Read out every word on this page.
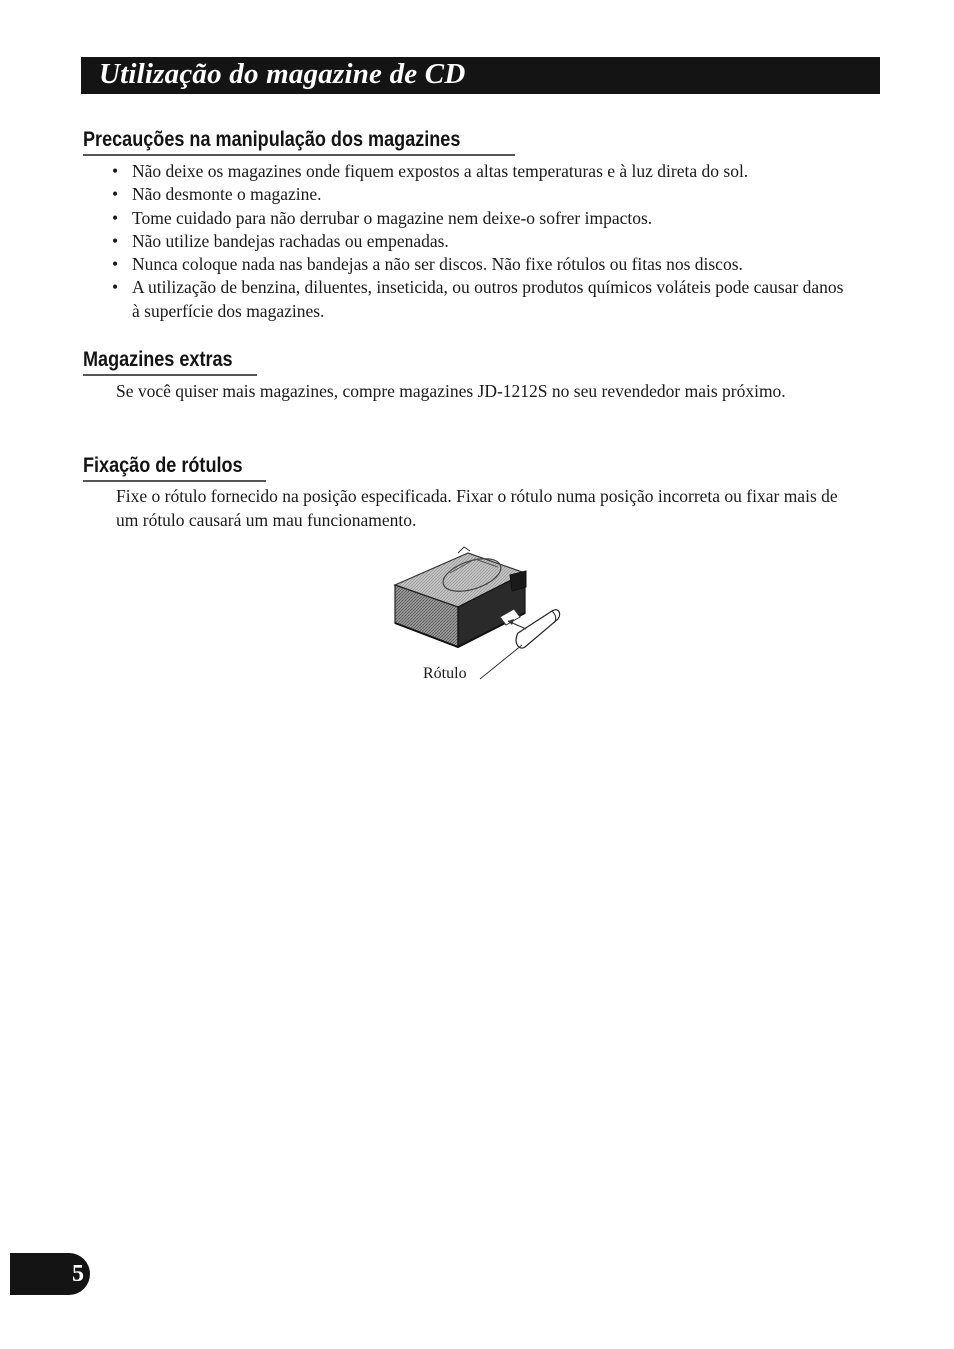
Utilização do magazine de CD
Precauções na manipulação dos magazines
• Não deixe os magazines onde fiquem expostos a altas temperaturas e à luz direta do sol.
• Não desmonte o magazine.
• Tome cuidado para não derrubar o magazine nem deixe-o sofrer impactos.
• Não utilize bandejas rachadas ou empenadas.
• Nunca coloque nada nas bandejas a não ser discos. Não fixe rótulos ou fitas nos discos.
• A utilização de benzina, diluentes, inseticida, ou outros produtos químicos voláteis pode causar danos à superfície dos magazines.
Magazines extras
Se você quiser mais magazines, compre magazines JD-1212S no seu revendedor mais próximo.
Fixação de rótulos
Fixe o rótulo fornecido na posição especificada. Fixar o rótulo numa posição incorreta ou fixar mais de um rótulo causará um mau funcionamento.
Rótulo
5
